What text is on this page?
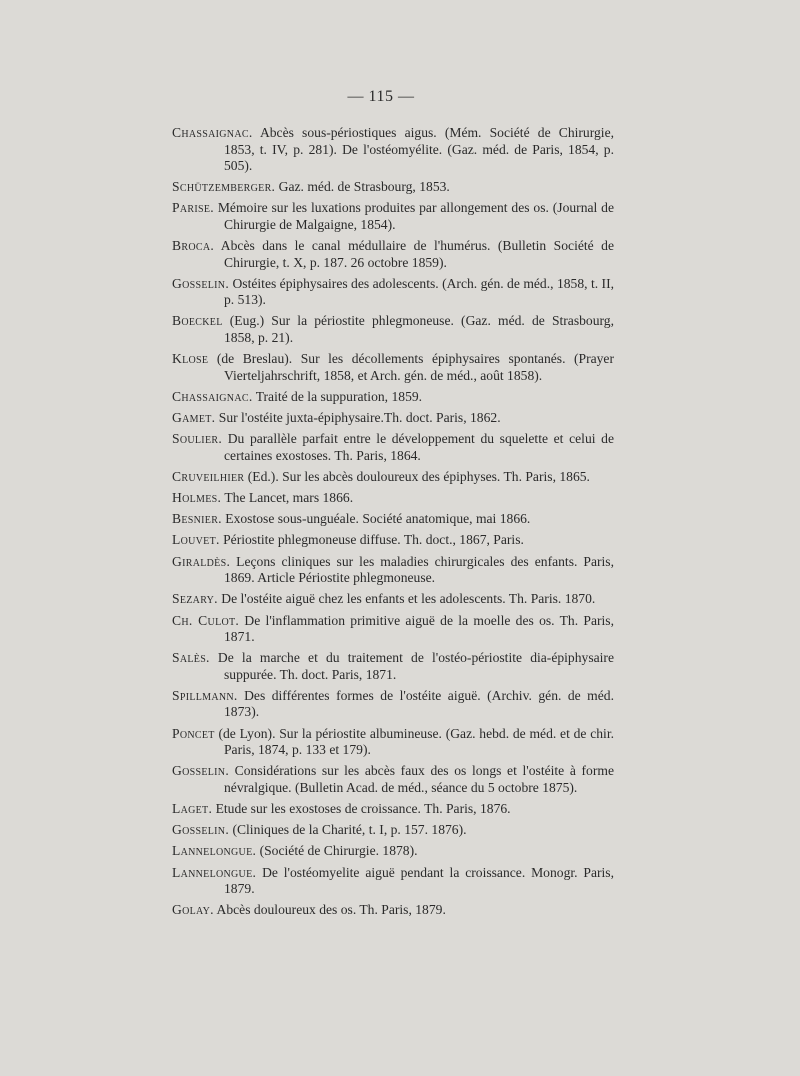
— 115 —
Chassaignac. Abcès sous-périostiques aigus. (Mém. Société de Chirurgie, 1853, t. IV, p. 281). De l'ostéomyélite. (Gaz. méd. de Paris, 1854, p. 505).
Schützemberger. Gaz. méd. de Strasbourg, 1853.
Parise. Mémoire sur les luxations produites par allongement des os. (Journal de Chirurgie de Malgaigne, 1854).
Broca. Abcès dans le canal médullaire de l'humérus. (Bulletin Société de Chirurgie, t. X, p. 187. 26 octobre 1859).
Gosselin. Ostéites épiphysaires des adolescents. (Arch. gén. de méd., 1858, t. II, p. 513).
Boeckel (Eug.) Sur la périostite phlegmoneuse. (Gaz. méd. de Strasbourg, 1858, p. 21).
Klose (de Breslau). Sur les décollements épiphysaires spontanés. (Prayer Vierteljahrschrift, 1858, et Arch. gén. de méd., août 1858).
Chassaignac. Traité de la suppuration, 1859.
Gamet. Sur l'ostéite juxta-épiphysaire.Th. doct. Paris, 1862.
Soulier. Du parallèle parfait entre le développement du squelette et celui de certaines exostoses. Th. Paris, 1864.
Cruveilhier (Ed.). Sur les abcès douloureux des épiphyses. Th. Paris, 1865.
Holmes. The Lancet, mars 1866.
Besnier. Exostose sous-unguéale. Société anatomique, mai 1866.
Louvet. Périostite phlegmoneuse diffuse. Th. doct., 1867, Paris.
Giraldès. Leçons cliniques sur les maladies chirurgicales des enfants. Paris, 1869. Article Périostite phlegmoneuse.
Sezary. De l'ostéite aiguë chez les enfants et les adolescents. Th. Paris. 1870.
Ch. Culot. De l'inflammation primitive aiguë de la moelle des os. Th. Paris, 1871.
Salès. De la marche et du traitement de l'ostéo-périostite dia-épiphysaire suppurée. Th. doct. Paris, 1871.
Spillmann. Des différentes formes de l'ostéite aiguë. (Archiv. gén. de méd. 1873).
Poncet (de Lyon). Sur la périostite albumineuse. (Gaz. hebd. de méd. et de chir. Paris, 1874, p. 133 et 179).
Gosselin. Considérations sur les abcès faux des os longs et l'ostéite à forme névralgique. (Bulletin Acad. de méd., séance du 5 octobre 1875).
Laget. Etude sur les exostoses de croissance. Th. Paris, 1876.
Gosselin. (Cliniques de la Charité, t. I, p. 157. 1876).
Lannelongue. (Société de Chirurgie. 1878).
Lannelongue. De l'ostéomyelite aiguë pendant la croissance. Monogr. Paris, 1879.
Golay. Abcès douloureux des os. Th. Paris, 1879.
